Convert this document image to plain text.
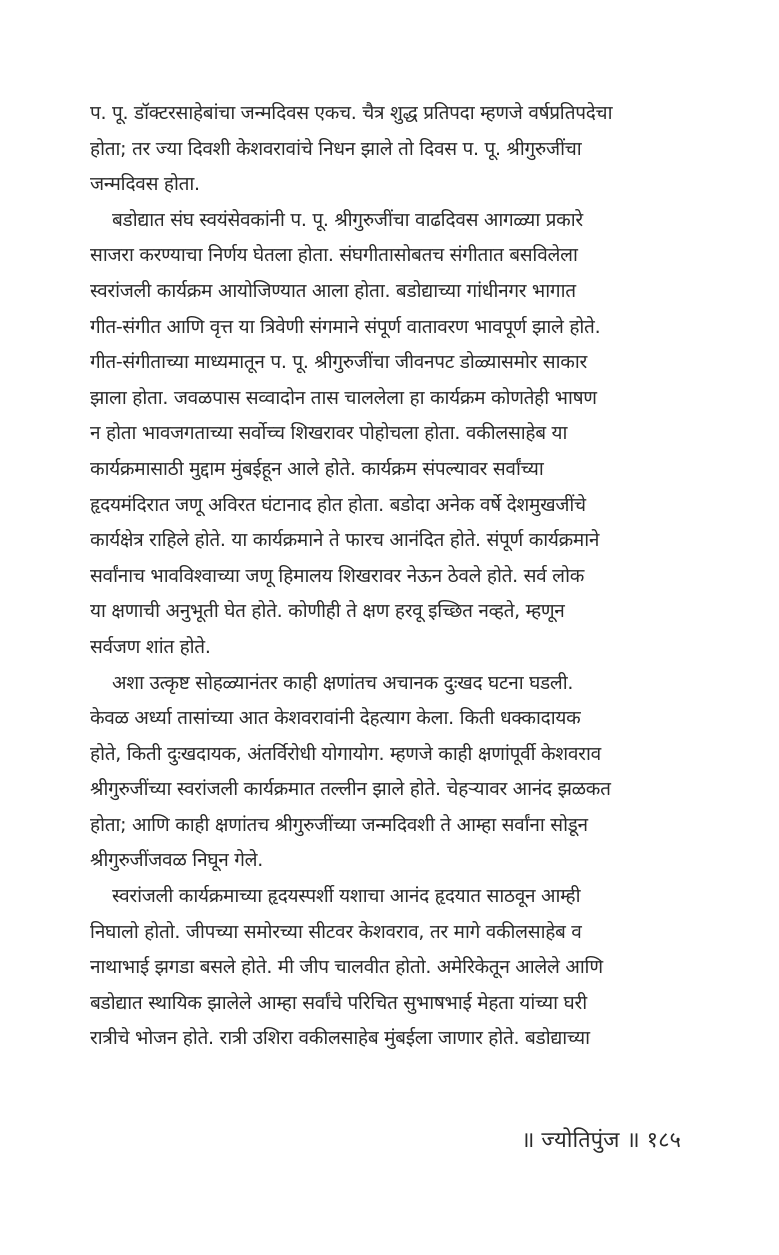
प. पू. डॉक्टरसाहेबांचा जन्मदिवस एकच. चैत्र शुद्ध प्रतिपदा म्हणजे वर्षप्रतिपदेचा
होता; तर ज्या दिवशी केशवरावांचे निधन झाले तो दिवस प. पू. श्रीगुरुजींचा
जन्मदिवस होता.
बडोद्यात संघ स्वयंसेवकांनी प. पू. श्रीगुरुजींचा वाढदिवस आगळ्या प्रकारे
साजरा करण्याचा निर्णय घेतला होता. संघगीतासोबतच संगीतात बसविलेला
स्वरांजली कार्यक्रम आयोजिण्यात आला होता. बडोद्याच्या गांधीनगर भागात
गीत-संगीत आणि वृत्त या त्रिवेणी संगमाने संपूर्ण वातावरण भावपूर्ण झाले होते.
गीत-संगीताच्या माध्यमातून प. पू. श्रीगुरुजींचा जीवनपट डोळ्यासमोर साकार
झाला होता. जवळपास सव्वादोन तास चाललेला हा कार्यक्रम कोणतेही भाषण
न होता भावजगताच्या सर्वोच्च शिखरावर पोहोचला होता. वकीलसाहेब या
कार्यक्रमासाठी मुद्दाम मुंबईहून आले होते. कार्यक्रम संपल्यावर सर्वांच्या
हृदयमंदिरात जणू अविरत घंटानाद होत होता. बडोदा अनेक वर्षे देशमुखजींचे
कार्यक्षेत्र राहिले होते. या कार्यक्रमाने ते फारच आनंदित होते. संपूर्ण कार्यक्रमाने
सर्वांनाच भावविश्वाच्या जणू हिमालय शिखरावर नेऊन ठेवले होते. सर्व लोक
या क्षणाची अनुभूती घेत होते. कोणीही ते क्षण हरवू इच्छित नव्हते, म्हणून
सर्वजण शांत होते.
अशा उत्कृष्ट सोहळ्यानंतर काही क्षणांतच अचानक दुःखद घटना घडली.
केवळ अर्ध्या तासांच्या आत केशवरावांनी देहत्याग केला. किती धक्कादायक
होते, किती दुःखदायक, अंतर्विरोधी योगायोग. म्हणजे काही क्षणांपूर्वी केशवराव
श्रीगुरुजींच्या स्वरांजली कार्यक्रमात तल्लीन झाले होते. चेहऱ्यावर आनंद झळकत
होता; आणि काही क्षणांतच श्रीगुरुजींच्या जन्मदिवशी ते आम्हा सर्वांना सोडून
श्रीगुरुजींजवळ निघून गेले.
स्वरांजली कार्यक्रमाच्या हृदयस्पर्शी यशाचा आनंद हृदयात साठवून आम्ही
निघालो होतो. जीपच्या समोरच्या सीटवर केशवराव, तर मागे वकीलसाहेब व
नाथाभाई झगडा बसले होते. मी जीप चालवीत होतो. अमेरिकेतून आलेले आणि
बडोद्यात स्थायिक झालेले आम्हा सर्वांचे परिचित सुभाषभाई मेहता यांच्या घरी
रात्रीचे भोजन होते. रात्री उशिरा वकीलसाहेब मुंबईला जाणार होते. बडोद्याच्या
॥ ज्योतिपुंज ॥ १८५
